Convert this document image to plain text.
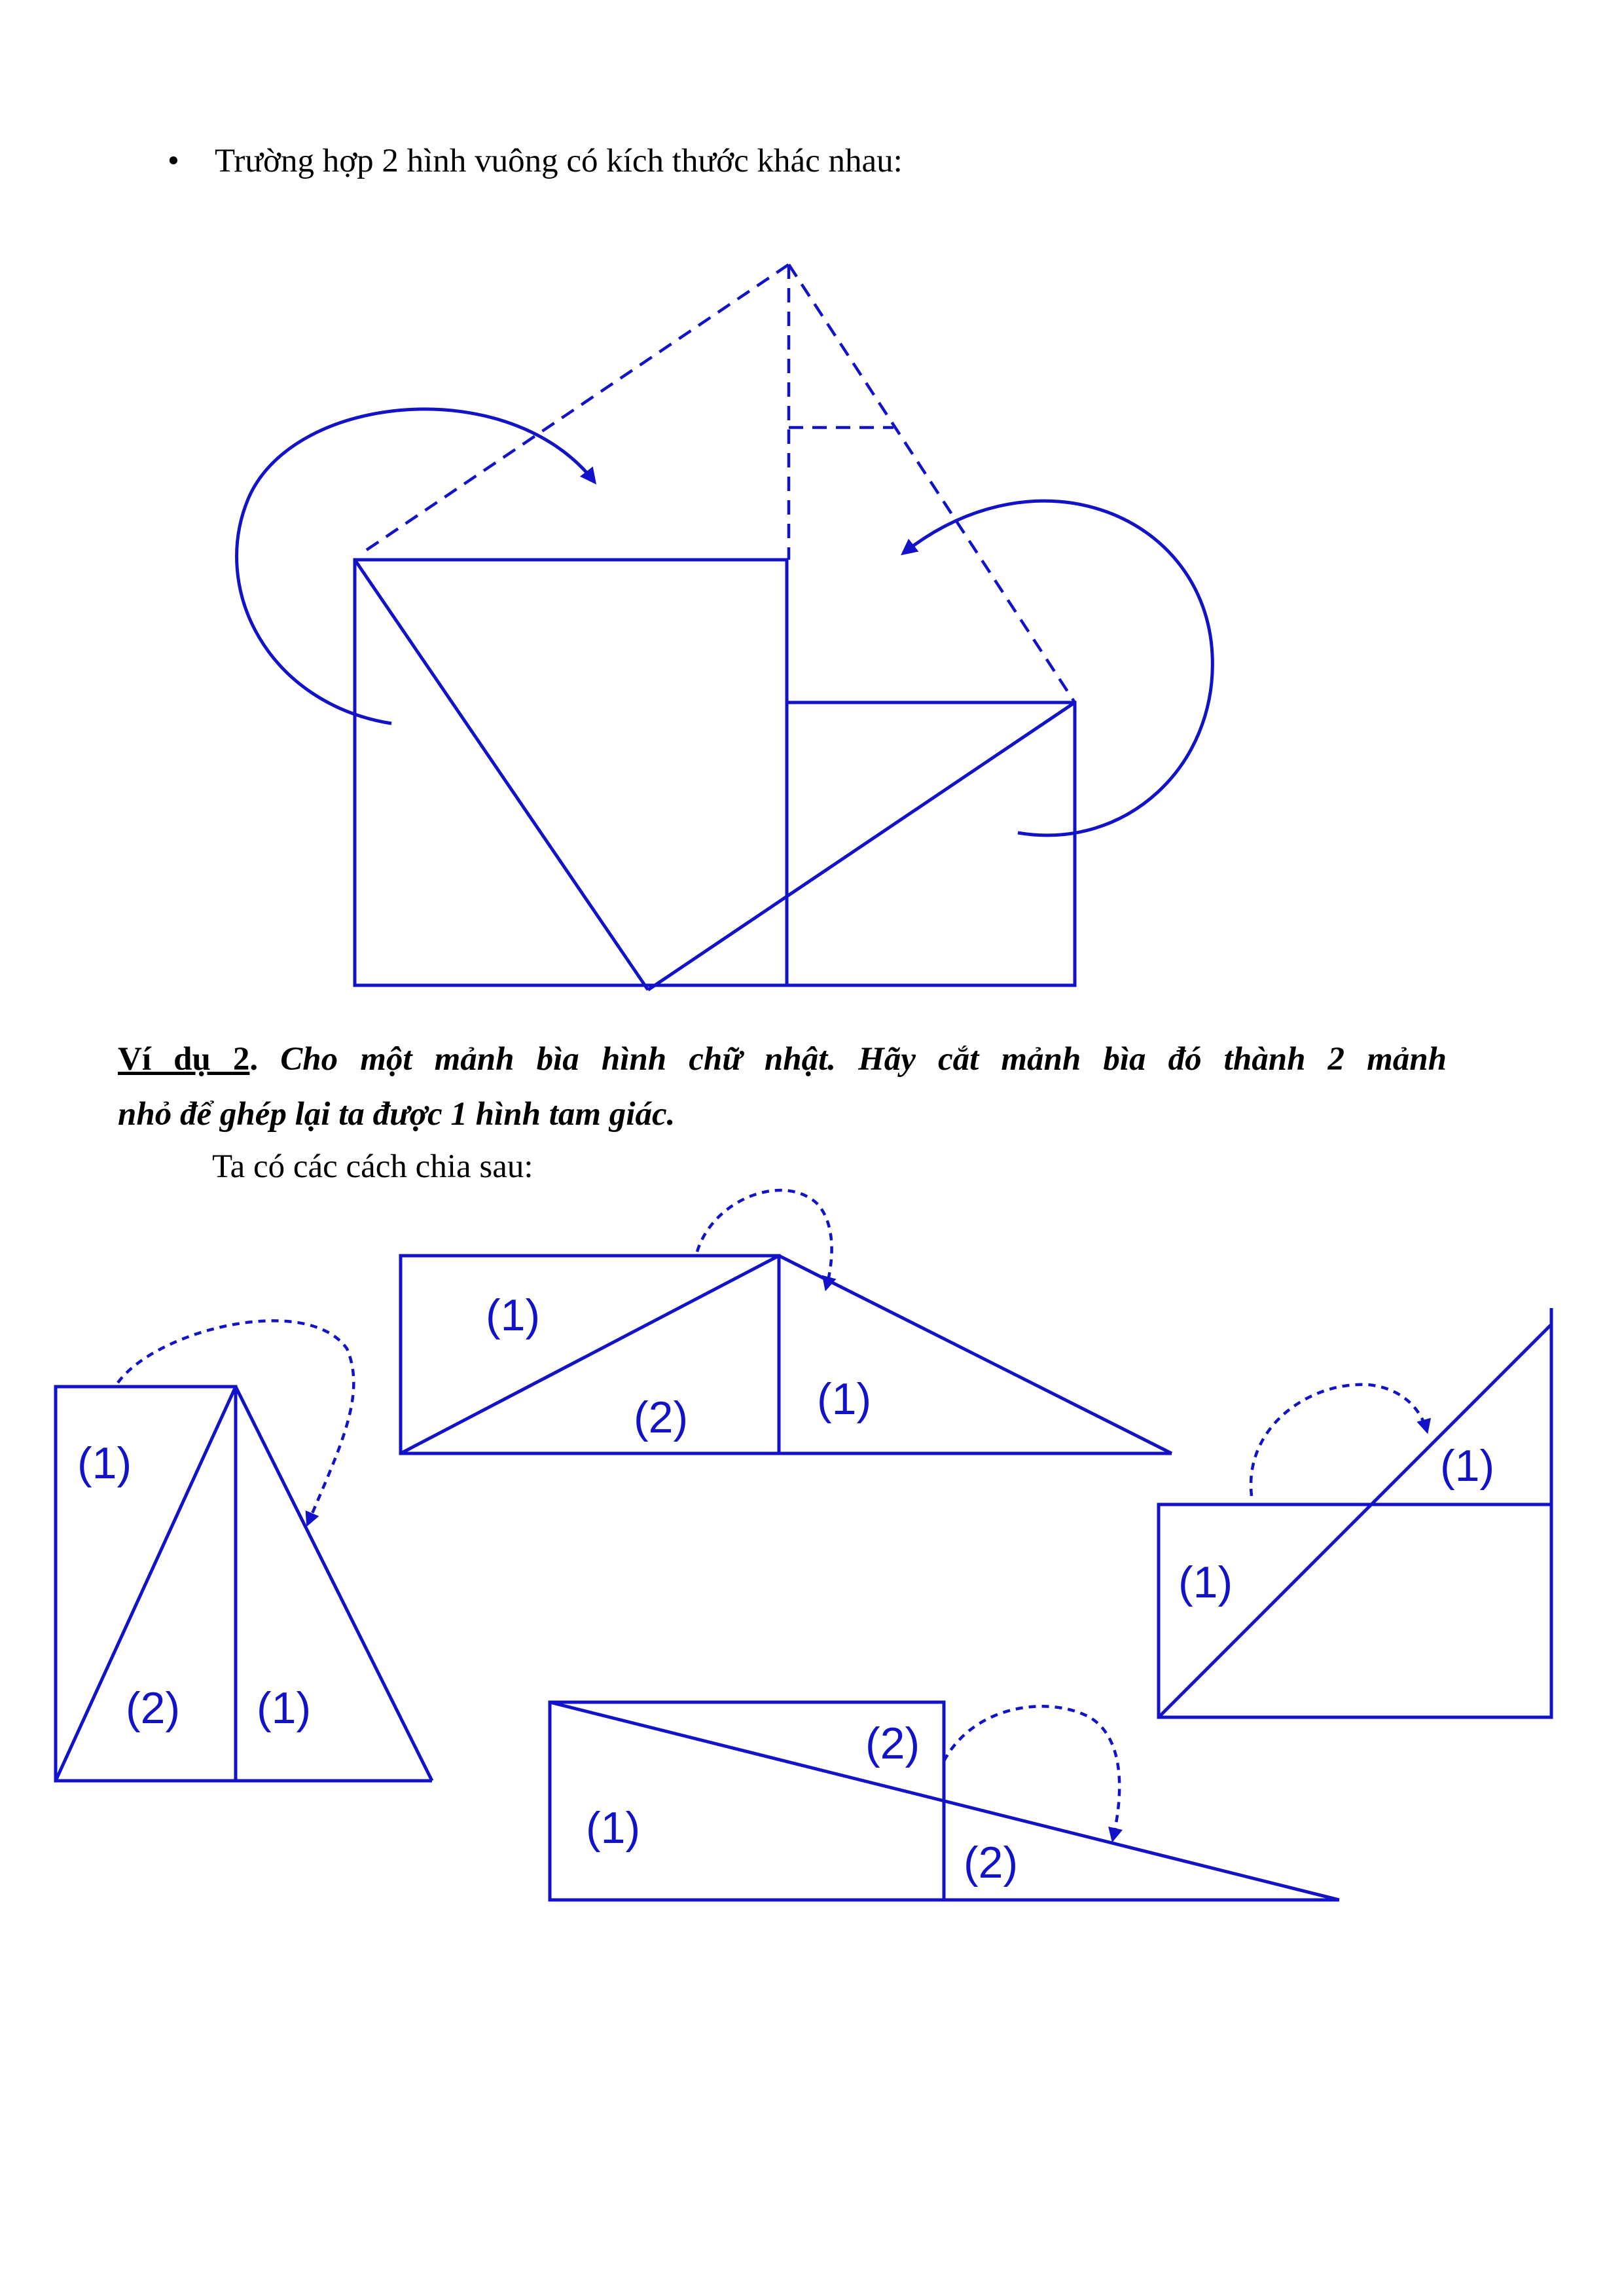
• Trường hợp 2 hình vuông có kích thước khác nhau:
Ví dụ 2. Cho một mảnh bìa hình chữ nhật. Hãy cắt mảnh bìa đó thành 2 mảnh
nhỏ để ghép lại ta được 1 hình tam giác.
Ta có các cách chia sau:
(1)
(2) (1)
(1)
(2)	(1)
(1)
(1)
(2)
(1)
(2)
